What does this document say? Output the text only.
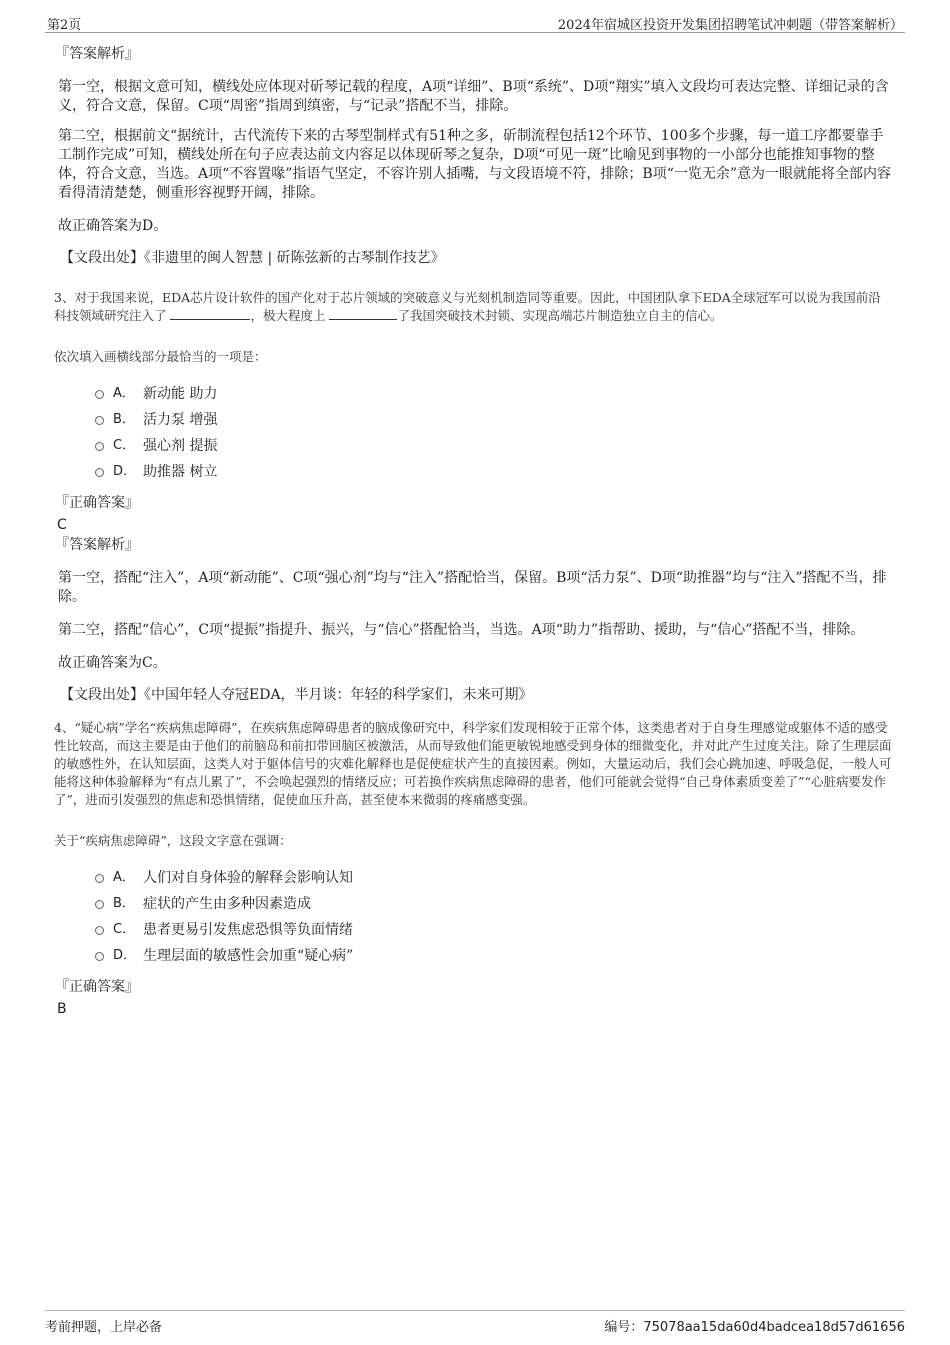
第2页	2024年宿城区投资开发集团招聘笔试冲刺题（带答案解析）
『答案解析』

第一空，根据文意可知，横线处应体现对斫琴记载的程度，A项“详细”、B项“系统”、D项“翔实”填入文段均可表达完整、详细记录的含义，符合文意，保留。C项“周密”指周到缜密，与“记录”搭配不当，排除。

第二空，根据前文“据统计，古代流传下来的古琴型制样式有51种之多，斫制流程包括12个环节、100多个步骤，每一道工序都要靠手工制作完成”可知，横线处所在句子应表达前文内容足以体现斫琴之复杂，D项“可见一斑”比喻见到事物的一小部分也能推知事物的整体，符合文意，当选。A项“不容置喙”指语气坚定，不容许别人插嘴，与文段语境不符，排除；B项“一览无余”意为一眼就能将全部内容看得清清楚楚，侧重形容视野开阔，排除。

故正确答案为D。

【文段出处】《非遗里的闽人智慧 | 斫陈弦新的古琴制作技艺》

3、对于我国来说，EDA芯片设计软件的国产化对于芯片领域的突破意义与光刻机制造同等重要。因此，中国团队拿下EDA全球冠军可以说为我国前沿科技领域研究注入了	，极大程度上	了我国突破技术封锁、实现高端芯片制造独立自主的信心。
依次填入画横线部分最恰当的一项是：
A． 新动能 助力
B． 活力泵 增强
C． 强心剂 提振
D． 助推器 树立
『正确答案』
C
『答案解析』

第一空，搭配“注入”，A项“新动能”、C项“强心剂”均与“注入”搭配恰当，保留。B项“活力泵”、D项“助推器”均与“注入”搭配不当，排除。

第二空，搭配“信心”，C项“提振”指提升、振兴，与“信心”搭配恰当，当选。A项“助力”指帮助、援助，与“信心”搭配不当，排除。

故正确答案为C。

【文段出处】《中国年轻人夺冠EDA，半月谈：年轻的科学家们，未来可期》

4、“疑心病”学名“疾病焦虑障碍”，在疾病焦虑障碍患者的脑成像研究中，科学家们发现相较于正常个体，这类患者对于自身生理感觉或躯体不适的感受性比较高，而这主要是由于他们的前脑岛和前扣带回脑区被激活，从而导致他们能更敏锐地感受到身体的细微变化，并对此产生过度关注。除了生理层面的敏感性外，在认知层面，这类人对于躯体信号的灾难化解释也是促使症状产生的直接因素。例如，大量运动后，我们会心跳加速、呼吸急促，一般人可能将这种体验解释为“有点儿累了”，不会唤起强烈的情绪反应；可若换作疾病焦虑障碍的患者，他们可能就会觉得“自己身体素质变差了”“心脏病要发作了”，进而引发强烈的焦虑和恐惧情绪，促使血压升高，甚至使本来微弱的疼痛感变强。
关于“疾病焦虑障碍”，这段文字意在强调：
A． 人们对自身体验的解释会影响认知
B． 症状的产生由多种因素造成
C． 患者更易引发焦虑恐惧等负面情绪
D． 生理层面的敏感性会加重“疑心病”
『正确答案』
B
考前押题，上岸必备	编号：75078aa15da60d4badcea18d57d61656
